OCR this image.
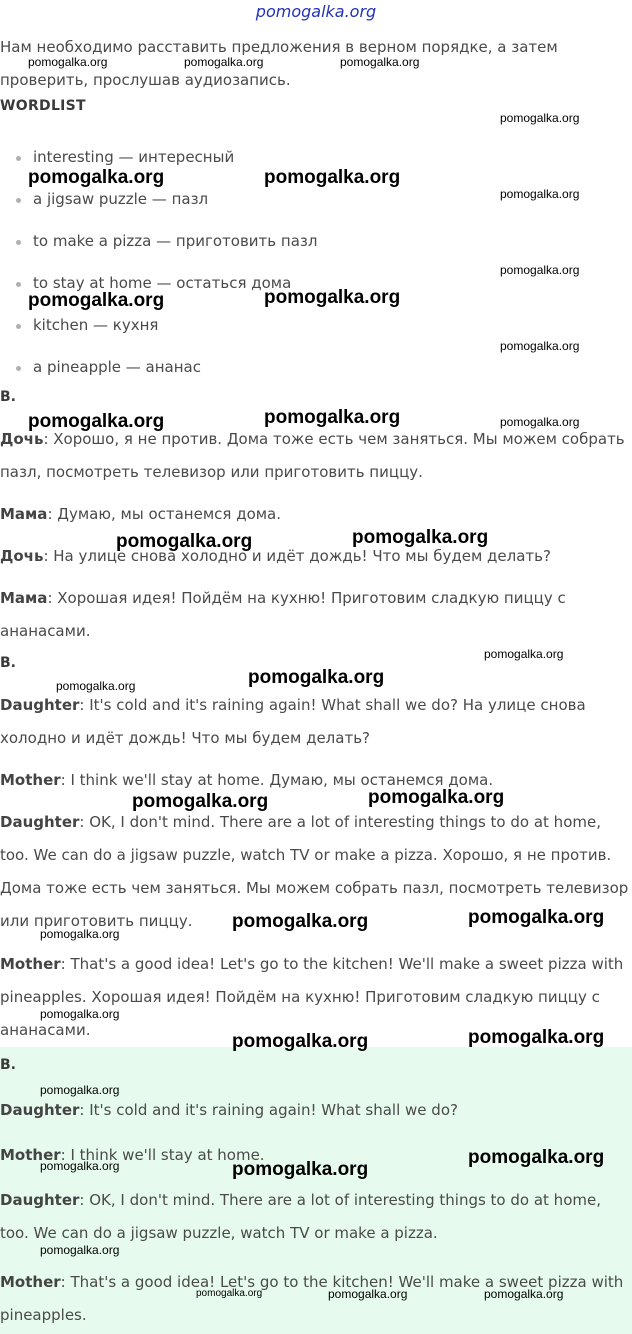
pomogalka.org
Нам необходимо расставить предложения в верном порядке, а затем проверить, прослушав аудиозапись.
WORDLIST
interesting — интересный
a jigsaw puzzle — пазл
to make a pizza — приготовить пазл
to stay at home — остаться дома
kitchen — кухня
a pineapple — ананас
B.
Дочь: Хорошо, я не против. Дома тоже есть чем заняться. Мы можем собрать пазл, посмотреть телевизор или приготовить пиццу.
Мама: Думаю, мы останемся дома.
Дочь: На улице снова холодно и идёт дождь! Что мы будем делать?
Мама: Хорошая идея! Пойдём на кухню! Приготовим сладкую пиццу с ананасами.
B.
Daughter: It's cold and it's raining again! What shall we do? На улице снова холодно и идёт дождь! Что мы будем делать?
Mother: I think we'll stay at home. Думаю, мы останемся дома.
Daughter: OK, I don't mind. There are a lot of interesting things to do at home, too. We can do a jigsaw puzzle, watch TV or make a pizza. Хорошо, я не против. Дома тоже есть чем заняться. Мы можем собрать пазл, посмотреть телевизор или приготовить пиццу.
Mother: That's a good idea! Let's go to the kitchen! We'll make a sweet pizza with pineapples. Хорошая идея! Пойдём на кухню! Приготовим сладкую пиццу с ананасами.
B.
Daughter: It's cold and it's raining again! What shall we do?
Mother: I think we'll stay at home.
Daughter: OK, I don't mind. There are a lot of interesting things to do at home, too. We can do a jigsaw puzzle, watch TV or make a pizza.
Mother: That's a good idea! Let's go to the kitchen! We'll make a sweet pizza with pineapples.
pomogalka.org	pomogalka.org	pomogalka.org
pomogalka.org
pomogalka.org	pomogalka.org
pomogalka.org
pomogalka.org
pomogalka.org	pomogalka.org
pomogalka.org
pomogalka.org	pomogalka.org	pomogalka.org
pomogalka.org
pomogalka.org
pomogalka.org
pomogalka.org
pomogalka.org
pomogalka.org
pomogalka.org
pomogalka.org
pomogalka.org
pomogalka.org
pomogalka.org
pomogalka.org
pomogalka.org
pomogalka.org
pomogalka.org
pomogalka.org
pomogalka.org
pomogalka.org
pomogalka.org	pomogalka.org	pomogalka.org
